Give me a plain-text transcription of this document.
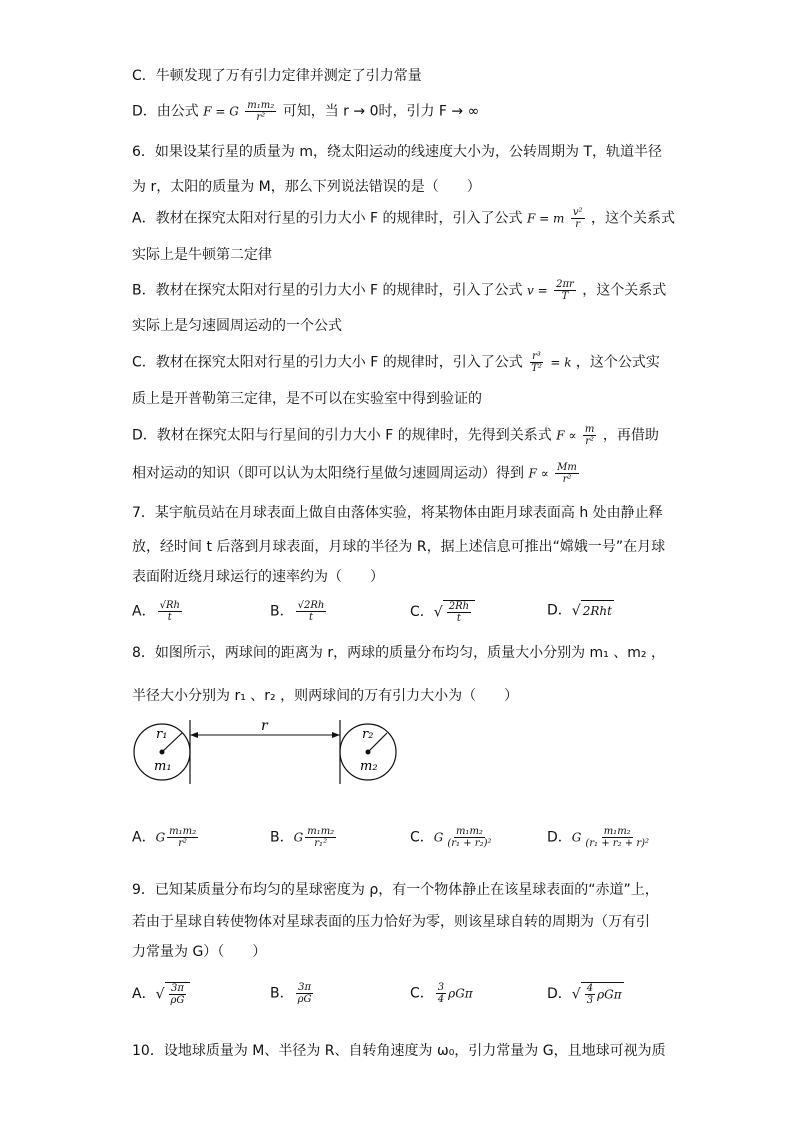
C．牛顿发现了万有引力定律并测定了引力常量
D．由公式 F = G $\frac{\text{m₁m₂}}{\text{r²}}$ 可知，当 r → 0时，引力 F → ∞
6．如果设某行星的质量为 m，绕太阳运动的线速度大小为，公转周期为 T，轨道半径
为 r，太阳的质量为 M，那么下列说法错误的是（　　）
A．教材在探究太阳对行星的引力大小 F 的规律时，引入了公式 F = m $\frac{\text{v²}}{r}$ ，这个关系式
实际上是牛顿第二定律
B．教材在探究太阳对行星的引力大小 F 的规律时，引入了公式 $v = \frac{2\pi r}{T}$ ，这个关系式
实际上是匀速圆周运动的一个公式
C．教材在探究太阳对行星的引力大小 F 的规律时，引入了公式 $\frac{\text{r³}}{\text{T²}} = k$ ，这个公式实
质上是开普勒第三定律，是不可以在实验室中得到验证的
D．教材在探究太阳与行星间的引力大小 F 的规律时，先得到关系式 $F \propto \frac{m}{\text{r²}}$ ，再借助
相对运动的知识（即可以认为太阳绕行星做匀速圆周运动）得到 $F \propto \frac{Mm}{\text{r²}}$
7．某宇航员站在月球表面上做自由落体实验，将某物体由距月球表面高 h 处由静止释
放，经时间 t 后落到月球表面，月球的半径为 R，据上述信息可推出“嫦娥一号”在月球
表面附近绕月球运行的速率约为（　　）
A． $\frac{√Rh}{t}$	B． $\frac{√2Rh}{t}$	C．√ $\frac{2Rh}{t}$	D．√ 2Rht
8．如图所示，两球间的距离为 r，两球的质量分布均匀，质量大小分别为 m₁ 、m₂ ，
半径大小分别为 r₁ 、r₂ ，则两球间的万有引力大小为（　　）
r₁
m₁
r
r₂
m₂
A．G $\frac{\text{m₁m₂}}{\text{r²}}$	B．G $\frac{\text{m₁m₂}}{\text{r₁²}}$	C．G $\frac{\text{m₁m₂}}{\text{(r₁ + r₂)²}}$	D．G $\frac{\text{m₁m₂}}{\text{(r₁ + r₂ + r)²}}$
9．已知某质量分布均匀的星球密度为 ρ，有一个物体静止在该星球表面的“赤道”上，
若由于星球自转使物体对星球表面的压力恰好为零，则该星球自转的周期为（万有引
力常量为 G）（　　）
A．√ $\frac{3\pi}{\rho G}$	B． $\frac{3\pi}{\rho G}$	C． $\frac{3}{4}$ ρGπ	D．√ $\frac{4}{3}$ ρGπ
10．设地球质量为 M、半径为 R、自转角速度为 ω₀，引力常量为 G，且地球可视为质
